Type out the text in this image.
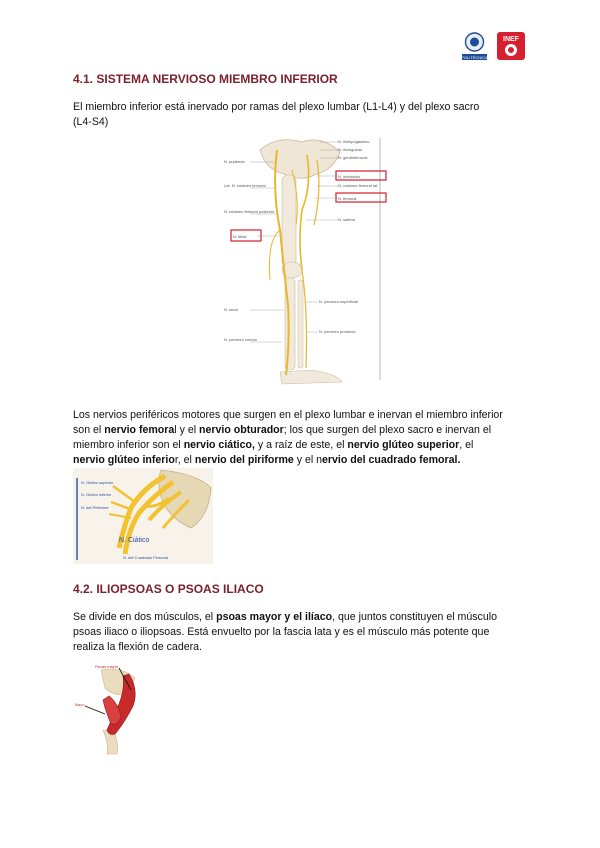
POLITÉCNICA
INEF
4.1. SISTEMA NERVIOSO MIEMBRO INFERIOR
El miembro inferior está inervado por ramas del plexo lumbar (L1-L4) y del plexo sacro
(L4-S4)
N. pudendo
Lat. N. cutáneo femoral
N. cutáneo femoral posterior
N. tibial
N. sural
N. peroneo común
N. iliohipogástrico
N. ilioinguinal
N. genitofemoral
N. obturador
N. cutáneo femoral lat.
N. femoral
N. safeno
N. peroneo superficial
N. peroneo profundo
Los nervios periféricos motores que surgen en el plexo lumbar e inervan el miembro inferior
son el nervio femoral y el nervio obturador; los que surgen del plexo sacro e inervan el
miembro inferior son el nervio ciático, y a raíz de este, el nervio glúteo superior, el
nervio glúteo inferior, el nervio del piriforme y el nervio del cuadrado femoral.
N. Glúteo superior
N. Glúteo inferior
N. del Piriforme
N. Ciático
N. del Cuadrado Femoral
4.2. ILIOPSOAS O PSOAS ILIACO
Se divide en dos músculos, el psoas mayor y el ilíaco, que juntos constituyen el músculo
psoas iliaco o iliopsoas. Está envuelto por la fascia lata y es el músculo más potente que
realiza la flexión de cadera.
Psoas mayor
Ilíaco
